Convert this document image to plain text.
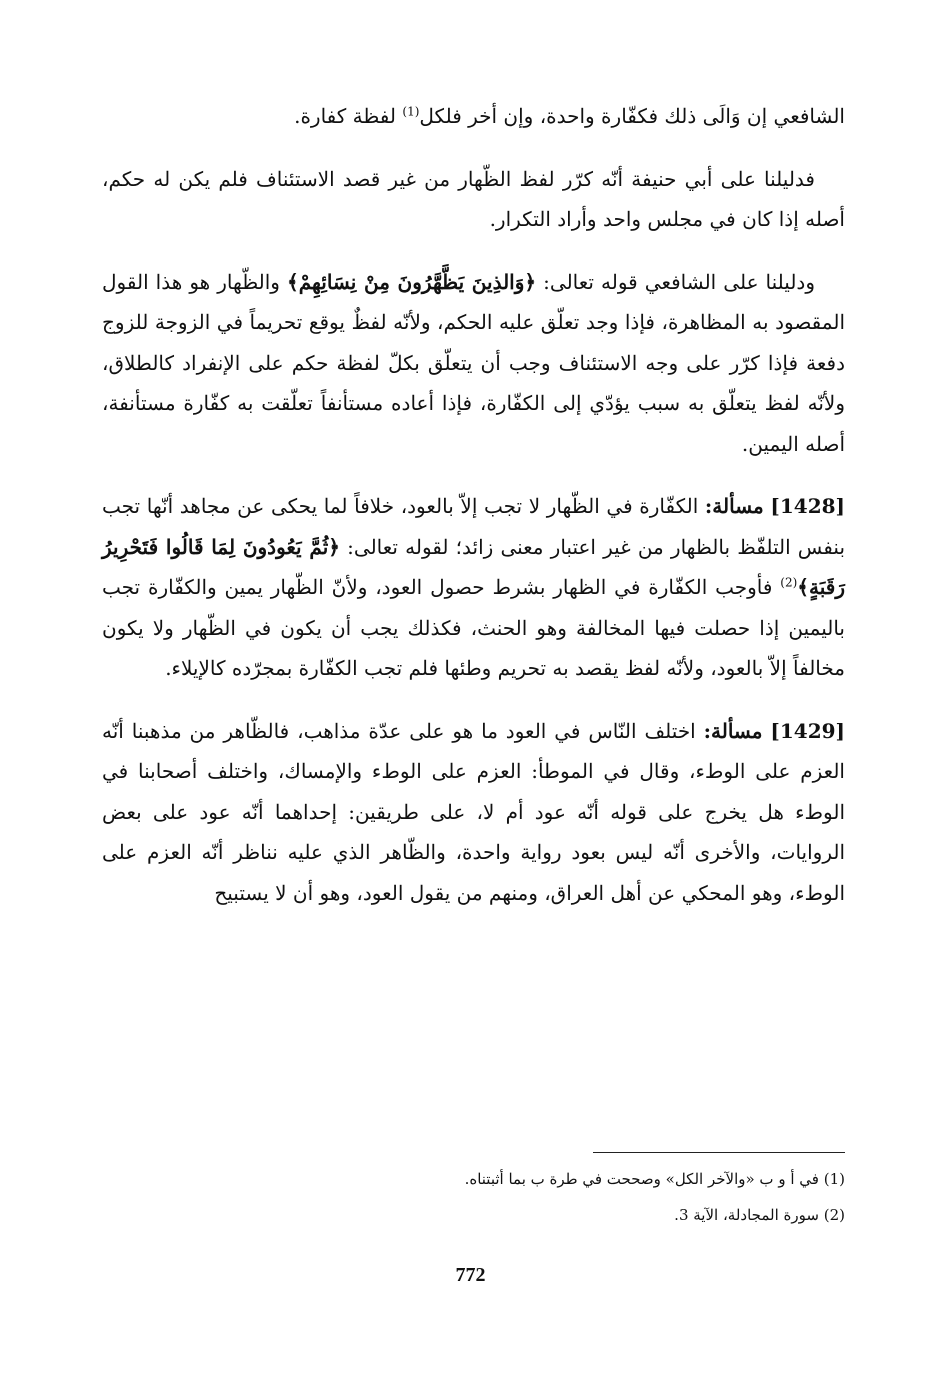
الشافعي إن وَالَى ذلك فكفّارة واحدة، وإن أخر فلكل$^{(1)}$ لفظة كفارة.

فدليلنا على أبي حنيفة أنّه كرّر لفظ الظّهار من غير قصد الاستئناف فلم يكن له حكم، أصله إذا كان في مجلس واحد وأراد التكرار.

ودليلنا على الشافعي قوله تعالى: ﴿وَالذِينَ يَظَّهَّرُونَ مِنْ نِسَائِهِمْ﴾ والظّهار هو هذا القول المقصود به المظاهرة، فإذا وجد تعلّق عليه الحكم، ولأنّه لفظٌ يوقع تحريماً في الزوجة للزوج دفعة فإذا كرّر على وجه الاستئناف وجب أن يتعلّق بكلّ لفظة حكم على الإنفراد كالطلاق، ولأنّه لفظ يتعلّق به سبب يؤدّي إلى الكفّارة، فإذا أعاده مستأنفاً تعلّقت به كفّارة مستأنفة، أصله اليمين.

[1428] مسألة: الكفّارة في الظّهار لا تجب إلاّ بالعود، خلافاً لما يحكى عن مجاهد أنّها تجب بنفس التلفّظ بالظهار من غير اعتبار معنى زائد؛ لقوله تعالى: ﴿ثُمَّ يَعُودُونَ لِمَا قَالُوا فَتَحْرِيرُ رَقَبَةٍ﴾$^{(2)}$ فأوجب الكفّارة في الظهار بشرط حصول العود، ولأنّ الظّهار يمين والكفّارة تجب باليمين إذا حصلت فيها المخالفة وهو الحنث، فكذلك يجب أن يكون في الظّهار ولا يكون مخالفاً إلاّ بالعود، ولأنّه لفظ يقصد به تحريم وطئها فلم تجب الكفّارة بمجرّده كالإيلاء.

[1429] مسألة: اختلف النّاس في العود ما هو على عدّة مذاهب، فالظّاهر من مذهبنا أنّه العزم على الوطء، وقال في الموطأ: العزم على الوطء والإمساك، واختلف أصحابنا في الوطء هل يخرج على قوله أنّه عود أم لا، على طريقين: إحداهما أنّه عود على بعض الروايات، والأخرى أنّه ليس بعود رواية واحدة، والظّاهر الذي عليه نناظر أنّه العزم على الوطء، وهو المحكي عن أهل العراق، ومنهم من يقول العود، وهو أن لا يستبيح

(1) في أ و ب «والآخر الكل» وصححت في طرة ب بما أثبتناه.

(2) سورة المجادلة، الآية 3.

772
